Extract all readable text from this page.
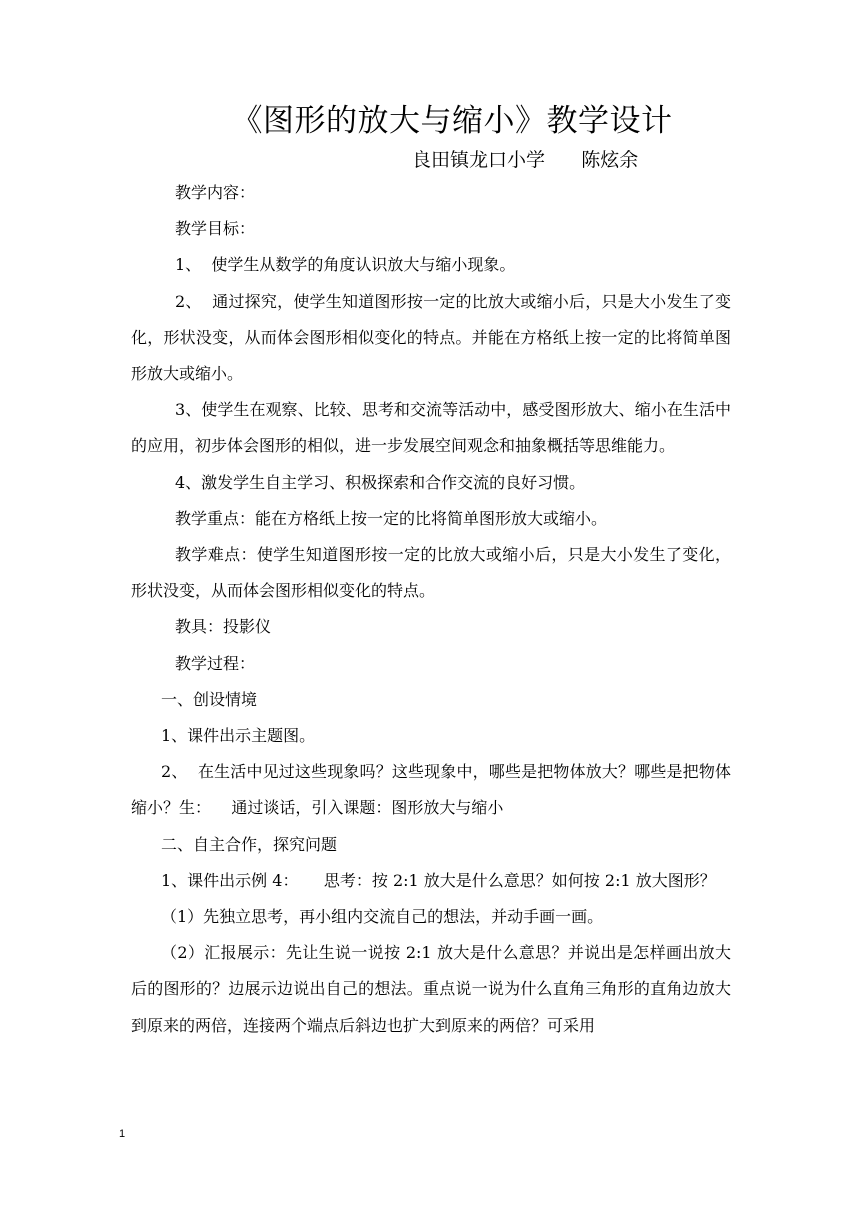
《图形的放大与缩小》教学设计
良田镇龙口小学      陈炫余

教学内容：

教学目标：

1、  使学生从数学的角度认识放大与缩小现象。

2、  通过探究，使学生知道图形按一定的比放大或缩小后，只是大小发生了变化，形状没变，从而体会图形相似变化的特点。并能在方格纸上按一定的比将简单图形放大或缩小。

3、使学生在观察、比较、思考和交流等活动中，感受图形放大、缩小在生活中的应用，初步体会图形的相似，进一步发展空间观念和抽象概括等思维能力。

4、激发学生自主学习、积极探索和合作交流的良好习惯。

教学重点：能在方格纸上按一定的比将简单图形放大或缩小。

教学难点：使学生知道图形按一定的比放大或缩小后，只是大小发生了变化，形状没变，从而体会图形相似变化的特点。

教具：投影仪

教学过程：

一、创设情境

1、课件出示主题图。

2、  在生活中见过这些现象吗？这些现象中，哪些是把物体放大？哪些是把物体缩小？生：    通过谈话，引入课题：图形放大与缩小

二、自主合作，探究问题

1、课件出示例 4：     思考：按 2:1 放大是什么意思？如何按 2:1 放大图形？

（1）先独立思考，再小组内交流自己的想法，并动手画一画。

（2）汇报展示：先让生说一说按 2:1 放大是什么意思？并说出是怎样画出放大后的图形的？边展示边说出自己的想法。重点说一说为什么直角三角形的直角边放大到原来的两倍，连接两个端点后斜边也扩大到原来的两倍？可采用

1
